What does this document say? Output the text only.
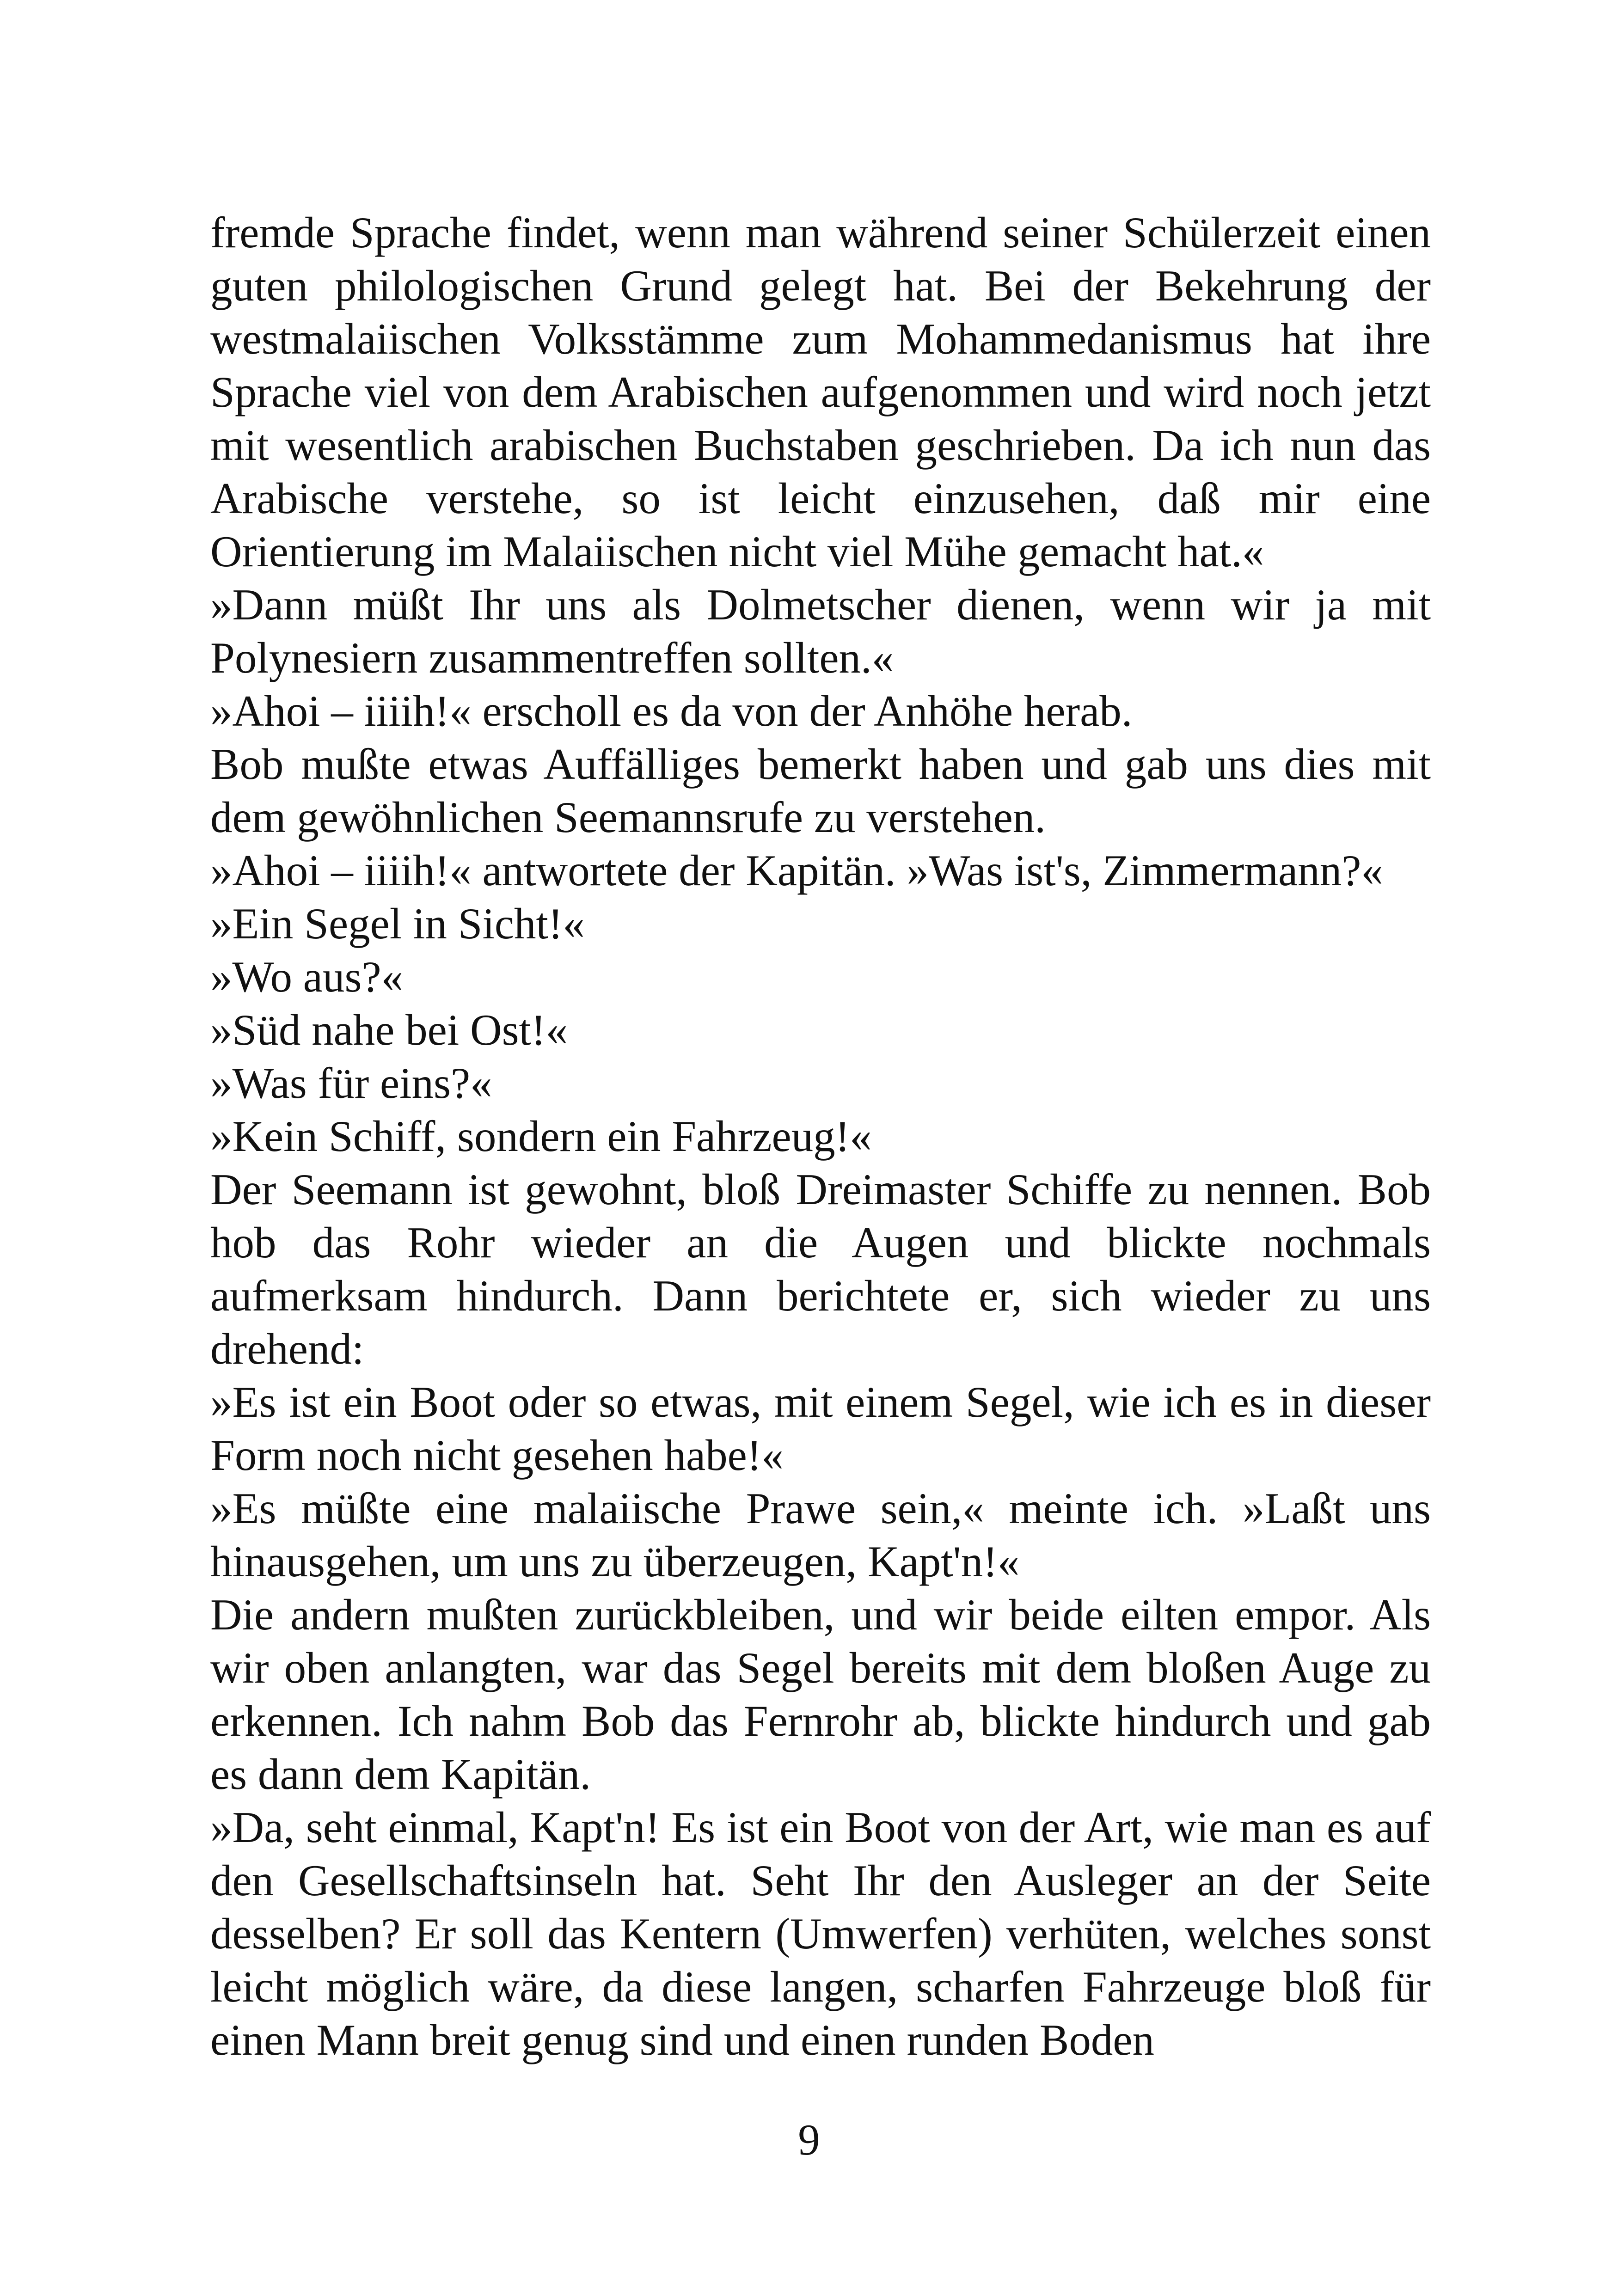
fremde Sprache findet, wenn man während seiner Schülerzeit einen guten philologischen Grund gelegt hat. Bei der Bekehrung der westmalaiischen Volksstämme zum Mohammedanismus hat ihre Sprache viel von dem Arabischen aufgenommen und wird noch jetzt mit wesentlich arabischen Buchstaben geschrieben. Da ich nun das Arabische verstehe, so ist leicht einzusehen, daß mir eine Orientierung im Malaiischen nicht viel Mühe gemacht hat.«

»Dann müßt Ihr uns als Dolmetscher dienen, wenn wir ja mit Polynesiern zusammentreffen sollten.«

»Ahoi – iiiih!« erscholl es da von der Anhöhe herab.

Bob mußte etwas Auffälliges bemerkt haben und gab uns dies mit dem gewöhnlichen Seemannsrufe zu verstehen.

»Ahoi – iiiih!« antwortete der Kapitän. »Was ist's, Zimmermann?«

»Ein Segel in Sicht!«

»Wo aus?«

»Süd nahe bei Ost!«

»Was für eins?«

»Kein Schiff, sondern ein Fahrzeug!«

Der Seemann ist gewohnt, bloß Dreimaster Schiffe zu nennen. Bob hob das Rohr wieder an die Augen und blickte nochmals aufmerksam hindurch. Dann berichtete er, sich wieder zu uns drehend:

»Es ist ein Boot oder so etwas, mit einem Segel, wie ich es in dieser Form noch nicht gesehen habe!«

»Es müßte eine malaiische Prawe sein,« meinte ich. »Laßt uns hinausgehen, um uns zu überzeugen, Kapt'n!«

Die andern mußten zurückbleiben, und wir beide eilten empor. Als wir oben anlangten, war das Segel bereits mit dem bloßen Auge zu erkennen. Ich nahm Bob das Fernrohr ab, blickte hindurch und gab es dann dem Kapitän.

»Da, seht einmal, Kapt'n! Es ist ein Boot von der Art, wie man es auf den Gesellschaftsinseln hat. Seht Ihr den Ausleger an der Seite desselben? Er soll das Kentern (Umwerfen) verhüten, welches sonst leicht möglich wäre, da diese langen, scharfen Fahrzeuge bloß für einen Mann breit genug sind und einen runden Boden

9
